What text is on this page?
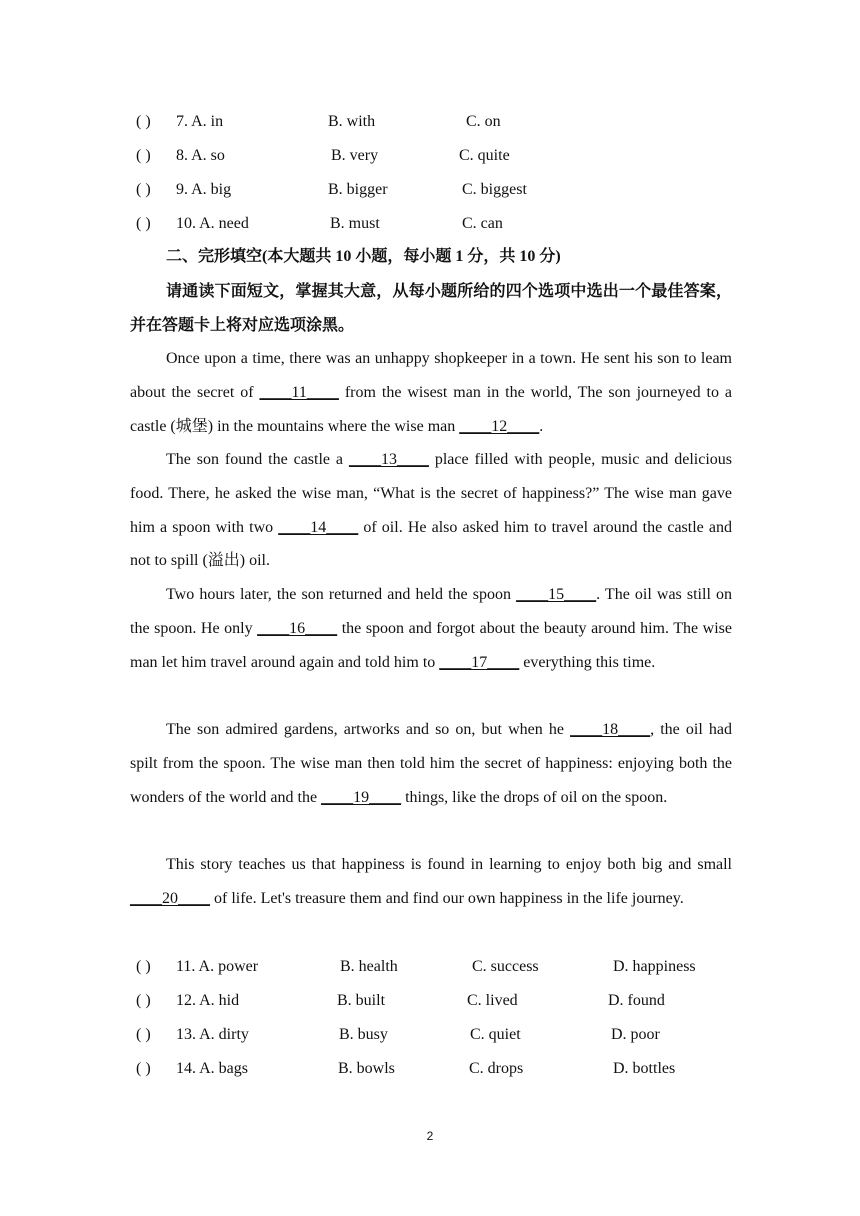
( ) 7. A. in	B. with	C. on
( ) 8. A. so	B. very	C. quite
( ) 9. A. big	B. bigger	C. biggest
( ) 10. A. need	B. must	C. can
二、完形填空(本大题共 10 小题，每小题 1 分，共 10 分)
请通读下面短文，掌握其大意，从每小题所给的四个选项中选出一个最佳答案，并在答题卡上将对应选项涂黑。
Once upon a time, there was an unhappy shopkeeper in a town. He sent his son to leam about the secret of ____11____ from the wisest man in the world, The son journeyed to a castle (城堡) in the mountains where the wise man ____12____.
The son found the castle a ____13____ place filled with people, music and delicious food. There, he asked the wise man, “What is the secret of happiness?” The wise man gave him a spoon with two ____14____ of oil. He also asked him to travel around the castle and not to spill (溢出) oil.
Two hours later, the son returned and held the spoon ____15____. The oil was still on the spoon. He only ____16____ the spoon and forgot about the beauty around him. The wise man let him travel around again and told him to ____17____ everything this time.
The son admired gardens, artworks and so on, but when he ____18____, the oil had spilt from the spoon. The wise man then told him the secret of happiness: enjoying both the wonders of the world and the ____19____ things, like the drops of oil on the spoon.
This story teaches us that happiness is found in learning to enjoy both big and small ____20____ of life. Let's treasure them and find our own happiness in the life journey.
( ) 11. A. power	B. health	C. success	D. happiness
( ) 12. A. hid	B. built	C. lived	D. found
( ) 13. A. dirty	B. busy	C. quiet	D. poor
( ) 14. A. bags	B. bowls	C. drops	D. bottles
2
